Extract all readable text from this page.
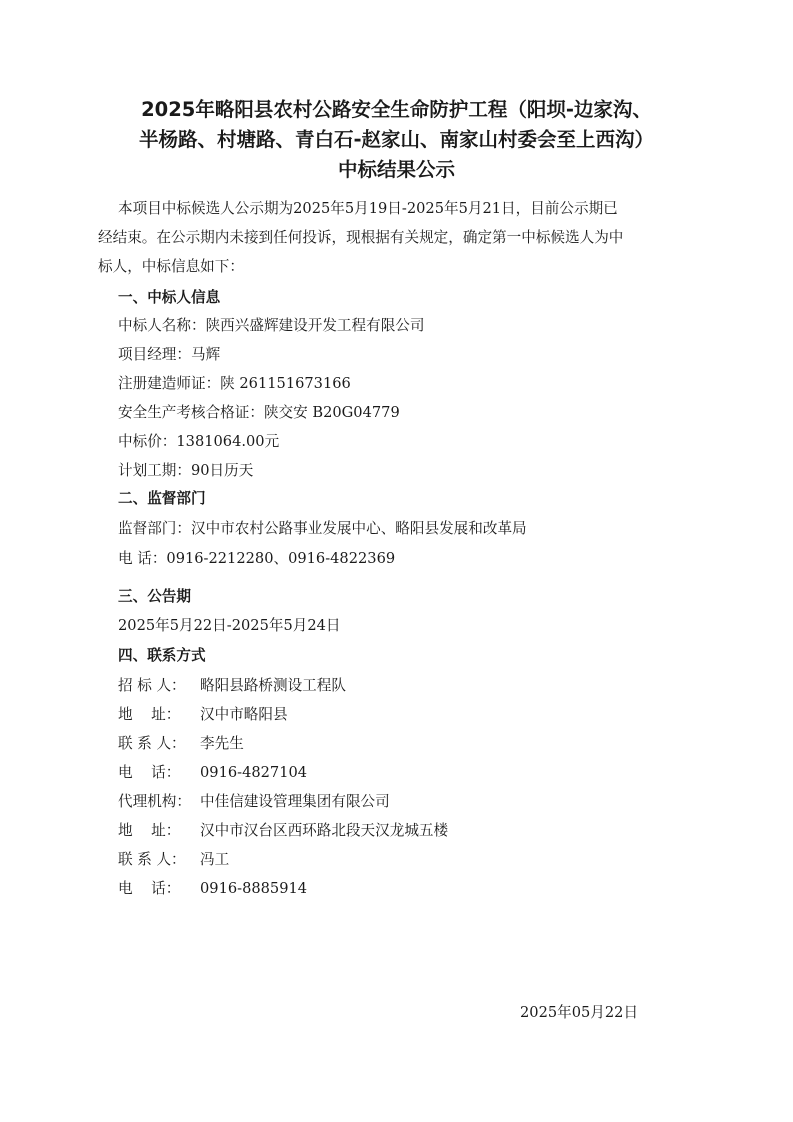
2025年略阳县农村公路安全生命防护工程（阳坝-边家沟、
半杨路、村塘路、青白石-赵家山、南家山村委会至上西沟）
中标结果公示
本项目中标候选人公示期为2025年5月19日-2025年5月21日，目前公示期已
经结束。在公示期内未接到任何投诉，现根据有关规定，确定第一中标候选人为中
标人，中标信息如下：
一、中标人信息
中标人名称：陕西兴盛辉建设开发工程有限公司
项目经理：马辉
注册建造师证：陕 261151673166
安全生产考核合格证：陕交安 B20G04779
中标价：1381064.00元
计划工期：90日历天
二、监督部门
监督部门：汉中市农村公路事业发展中心、略阳县发展和改革局
电 话：0916-2212280、0916-4822369
三、公告期
2025年5月22日-2025年5月24日
四、联系方式
招 标 人： 略阳县路桥测设工程队
地    址： 汉中市略阳县
联 系 人： 李先生
电    话： 0916-4827104
代理机构： 中佳信建设管理集团有限公司
地    址： 汉中市汉台区西环路北段天汉龙城五楼
联 系 人： 冯工
电    话： 0916-8885914
2025年05月22日
